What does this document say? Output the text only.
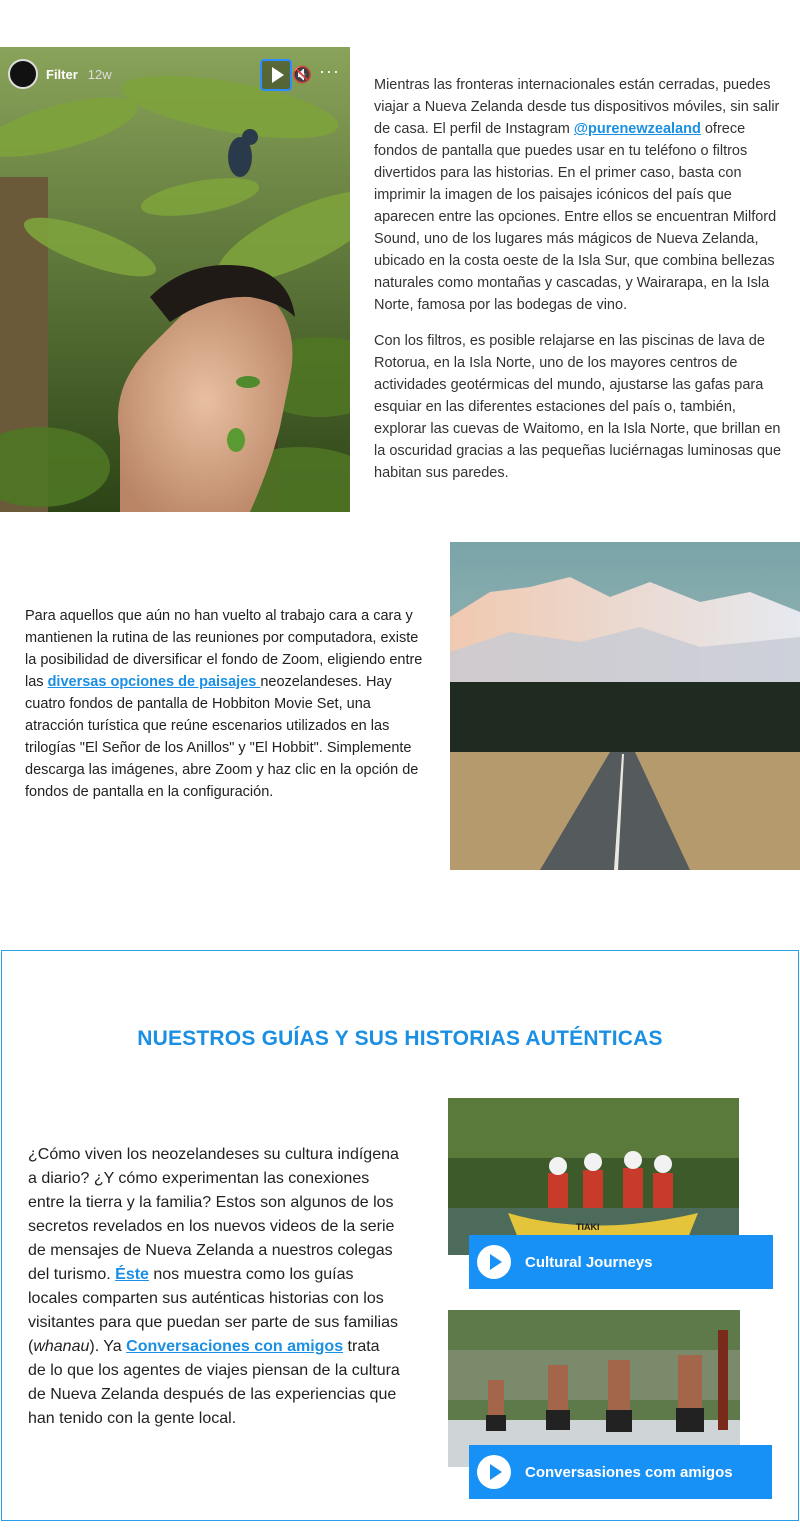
Filter 12w	🔇 ···

Mientras las fronteras internacionales están cerradas, puedes viajar a Nueva Zelanda desde tus dispositivos móviles, sin salir de casa. El perfil de Instagram @purenewzealand ofrece fondos de pantalla que puedes usar en tu teléfono o filtros divertidos para las historias. En el primer caso, basta con imprimir la imagen de los paisajes icónicos del país que aparecen entre las opciones. Entre ellos se encuentran Milford Sound, uno de los lugares más mágicos de Nueva Zelanda, ubicado en la costa oeste de la Isla Sur, que combina bellezas naturales como montañas y cascadas, y Wairarapa, en la Isla Norte, famosa por las bodegas de vino.

Con los filtros, es posible relajarse en las piscinas de lava de Rotorua, en la Isla Norte, uno de los mayores centros de actividades geotérmicas del mundo, ajustarse las gafas para esquiar en las diferentes estaciones del país o, también, explorar las cuevas de Waitomo, en la Isla Norte, que brillan en la oscuridad gracias a las pequeñas luciérnagas luminosas que habitan sus paredes.

Para aquellos que aún no han vuelto al trabajo cara a cara y mantienen la rutina de las reuniones por computadora, existe la posibilidad de diversificar el fondo de Zoom, eligiendo entre las diversas opciones de paisajes neozelandeses. Hay cuatro fondos de pantalla de Hobbiton Movie Set, una atracción turística que reúne escenarios utilizados en las trilogías "El Señor de los Anillos" y "El Hobbit". Simplemente descarga las imágenes, abre Zoom y haz clic en la opción de fondos de pantalla en la configuración.

NUESTROS GUÍAS Y SUS HISTORIAS AUTÉNTICAS

¿Cómo viven los neozelandeses su cultura indígena a diario? ¿Y cómo experimentan las conexiones entre la tierra y la familia? Estos son algunos de los secretos revelados en los nuevos videos de la serie de mensajes de Nueva Zelanda a nuestros colegas del turismo. Éste nos muestra como los guías locales comparten sus auténticas historias con los visitantes para que puedan ser parte de sus familias (whanau). Ya Conversaciones con amigos trata de lo que los agentes de viajes piensan de la cultura de Nueva Zelanda después de las experiencias que han tenido con la gente local.

TIAKI
Cultural Journeys
Conversasiones com amigos
